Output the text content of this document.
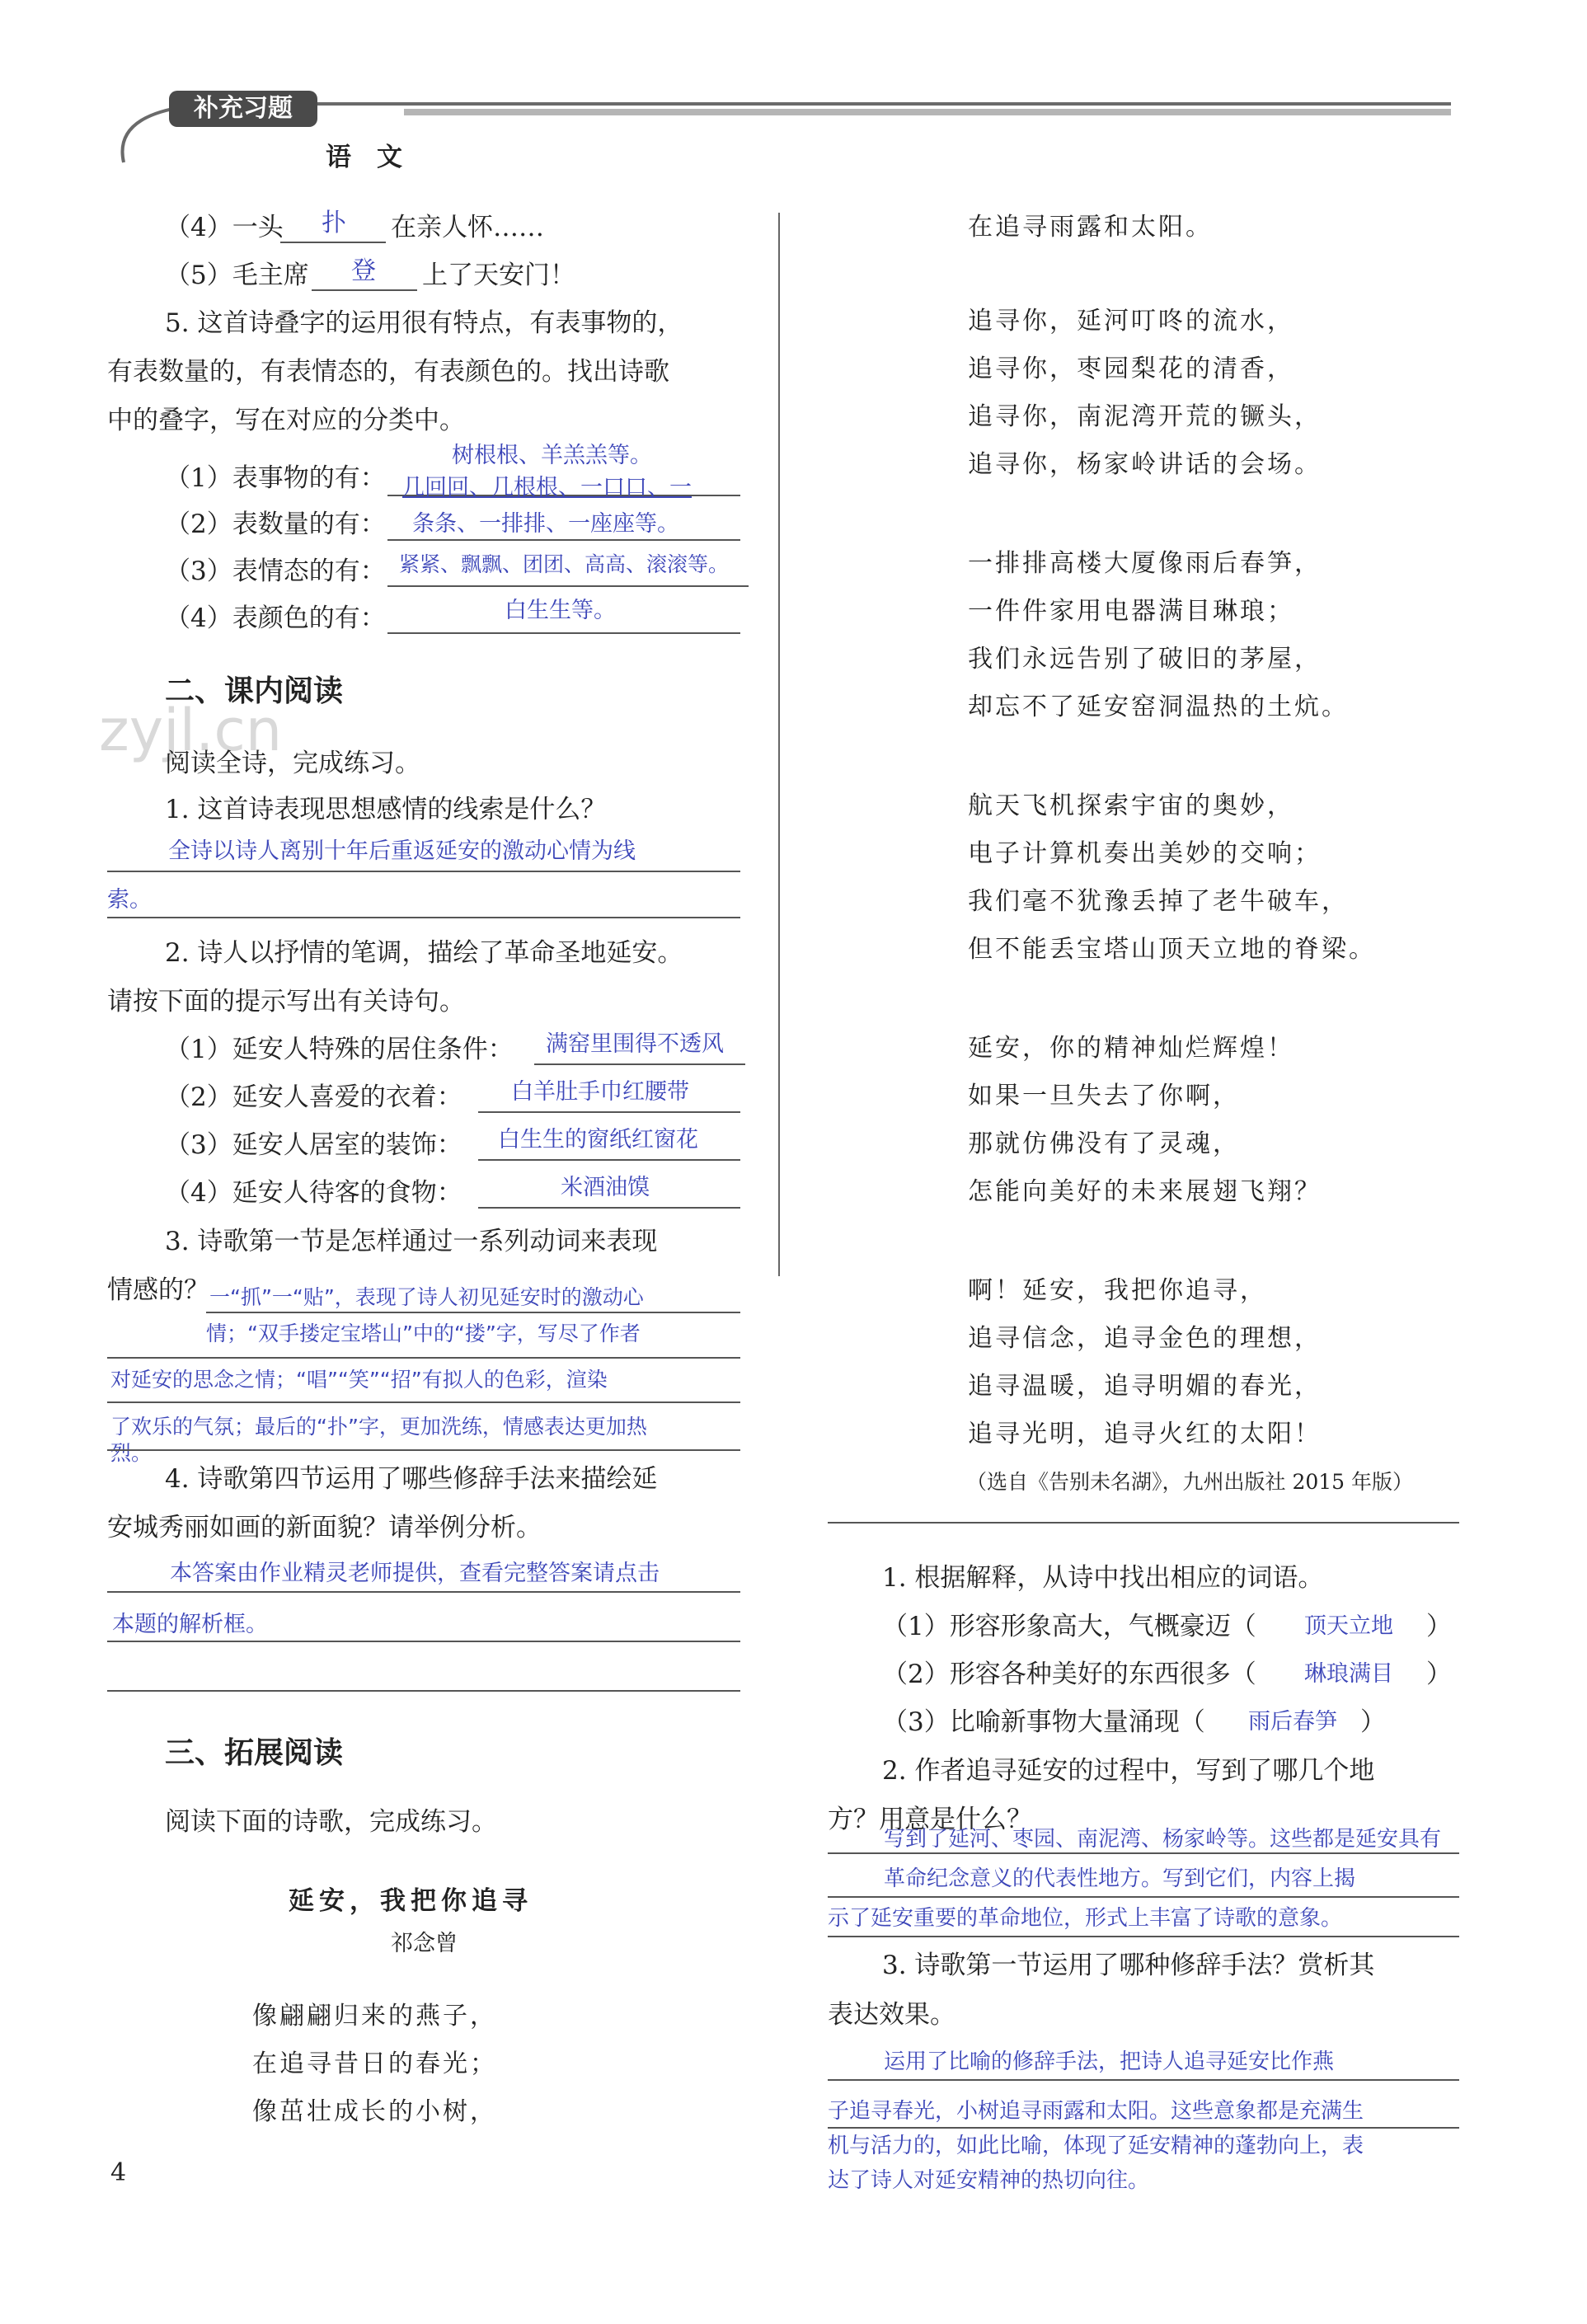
补充习题
语　文
（4）一头 扑 在亲人怀……
（5）毛主席 登 上了天安门！
5. 这首诗叠字的运用很有特点，有表事物的，
有表数量的，有表情态的，有表颜色的。找出诗歌
中的叠字，写在对应的分类中。
树根根、羊羔羔等。
（1）表事物的有： 几回回、几根根、一口口、一
（2）表数量的有： 条条、一排排、一座座等。
（3）表情态的有： 紧紧、飘飘、团团、高高、滚滚等。
（4）表颜色的有：	白生生等。
二、课内阅读
zyjl.cn
阅读全诗，完成练习。
1. 这首诗表现思想感情的线索是什么？
全诗以诗人离别十年后重返延安的激动心情为线
索。
2. 诗人以抒情的笔调，描绘了革命圣地延安。
请按下面的提示写出有关诗句。
（1）延安人特殊的居住条件： 满窑里围得不透风
（2）延安人喜爱的衣着： 白羊肚手巾红腰带
（3）延安人居室的装饰： 白生生的窗纸红窗花
（4）延安人待客的食物：	米酒油馍
3. 诗歌第一节是怎样通过一系列动词来表现
情感的？ 一“抓”一“贴”，表现了诗人初见延安时的激动心
情；“双手搂定宝塔山”中的“搂”字，写尽了作者
对延安的思念之情；“唱”“笑”“招”有拟人的色彩，渲染
了欢乐的气氛；最后的“扑”字，更加洗练，情感表达更加热
烈。
4. 诗歌第四节运用了哪些修辞手法来描绘延
安城秀丽如画的新面貌？请举例分析。
本答案由作业精灵老师提供，查看完整答案请点击
本题的解析框。
三、拓展阅读
阅读下面的诗歌，完成练习。
延安，我把你追寻
祁念曾
像翩翩归来的燕子，
在追寻昔日的春光；
像茁壮成长的小树，
4
在追寻雨露和太阳。
追寻你，延河叮咚的流水，
追寻你，枣园梨花的清香，
追寻你，南泥湾开荒的镢头，
追寻你，杨家岭讲话的会场。
一排排高楼大厦像雨后春笋，
一件件家用电器满目琳琅；
我们永远告别了破旧的茅屋，
却忘不了延安窑洞温热的土炕。
航天飞机探索宇宙的奥妙，
电子计算机奏出美妙的交响；
我们毫不犹豫丢掉了老牛破车，
但不能丢宝塔山顶天立地的脊梁。
延安，你的精神灿烂辉煌！
如果一旦失去了你啊，
那就仿佛没有了灵魂，
怎能向美好的未来展翅飞翔？
啊！延安，我把你追寻，
追寻信念，追寻金色的理想，
追寻温暖，追寻明媚的春光，
追寻光明，追寻火红的太阳！
（选自《告别未名湖》，九州出版社 2015 年版）
1. 根据解释，从诗中找出相应的词语。
（1）形容形象高大，气概豪迈（ 顶天立地 ）
（2）形容各种美好的东西很多（ 琳琅满目 ）
（3）比喻新事物大量涌现（ 雨后春笋 ）
2. 作者追寻延安的过程中，写到了哪几个地
方？用意是什么？
写到了延河、枣园、南泥湾、杨家岭等。这些都是延安具有
革命纪念意义的代表性地方。写到它们，内容上揭
示了延安重要的革命地位，形式上丰富了诗歌的意象。
3. 诗歌第一节运用了哪种修辞手法？赏析其
表达效果。
运用了比喻的修辞手法，把诗人追寻延安比作燕
子追寻春光，小树追寻雨露和太阳。这些意象都是充满生
机与活力的，如此比喻，体现了延安精神的蓬勃向上，表
达了诗人对延安精神的热切向往。
